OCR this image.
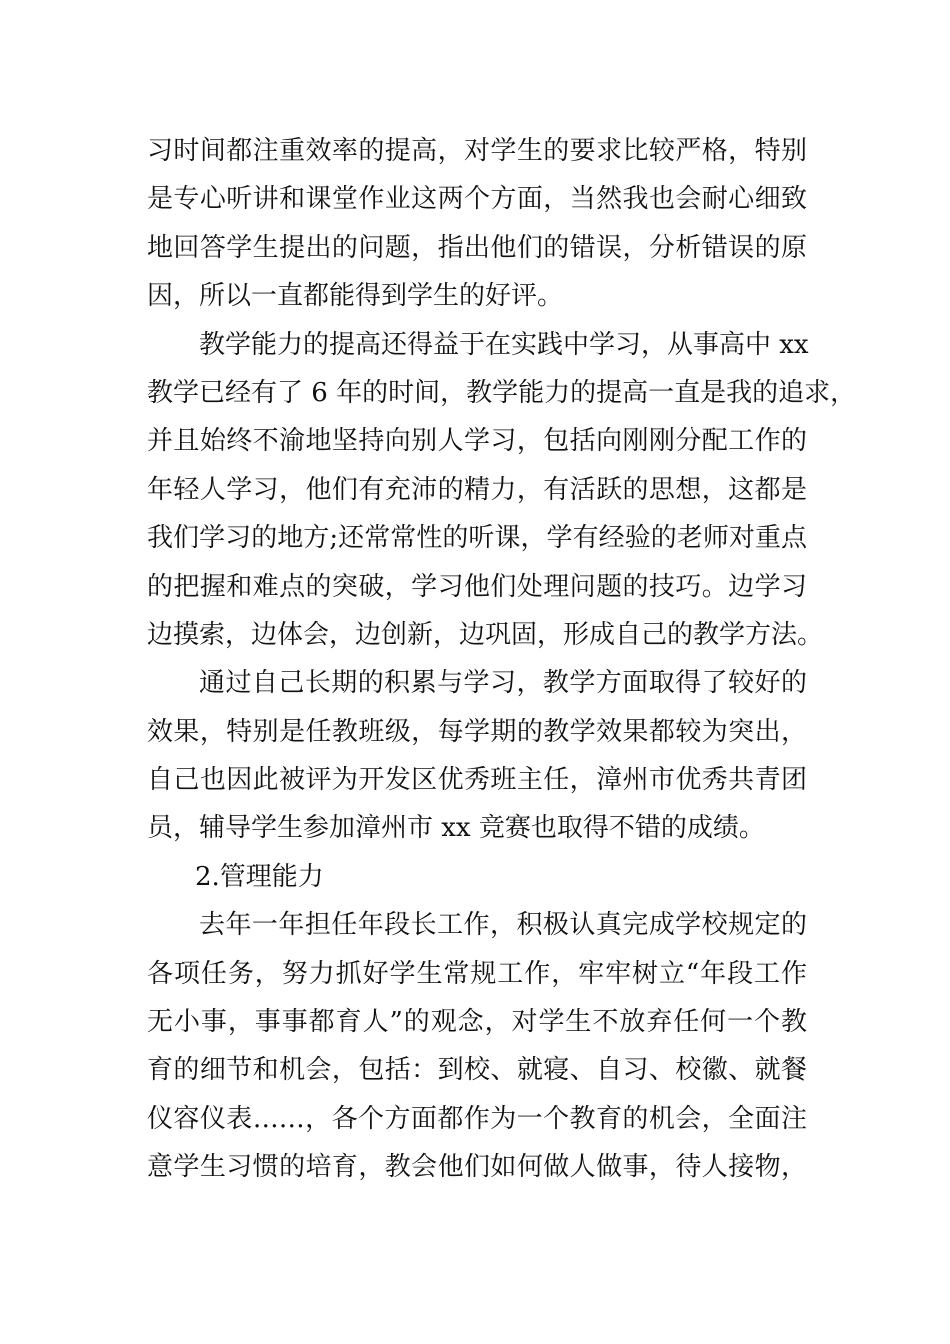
习时间都注重效率的提高，对学生的要求比较严格，特别
是专心听讲和课堂作业这两个方面，当然我也会耐心细致
地回答学生提出的问题，指出他们的错误，分析错误的原
因，所以一直都能得到学生的好评。
教学能力的提高还得益于在实践中学习，从事高中 xx
教学已经有了 6 年的时间，教学能力的提高一直是我的追求，
并且始终不渝地坚持向别人学习，包括向刚刚分配工作的
年轻人学习，他们有充沛的精力，有活跃的思想，这都是
我们学习的地方;还常常性的听课，学有经验的老师对重点
的把握和难点的突破，学习他们处理问题的技巧。边学习
边摸索，边体会，边创新，边巩固，形成自己的教学方法。
通过自己长期的积累与学习，教学方面取得了较好的
效果，特别是任教班级，每学期的教学效果都较为突出，
自己也因此被评为开发区优秀班主任，漳州市优秀共青团
员，辅导学生参加漳州市 xx 竞赛也取得不错的成绩。
2.管理能力
去年一年担任年段长工作，积极认真完成学校规定的
各项任务，努力抓好学生常规工作，牢牢树立“年段工作
无小事，事事都育人”的观念，对学生不放弃任何一个教
育的细节和机会，包括：到校、就寝、自习、校徽、就餐
仪容仪表……，各个方面都作为一个教育的机会，全面注
意学生习惯的培育，教会他们如何做人做事，待人接物，
